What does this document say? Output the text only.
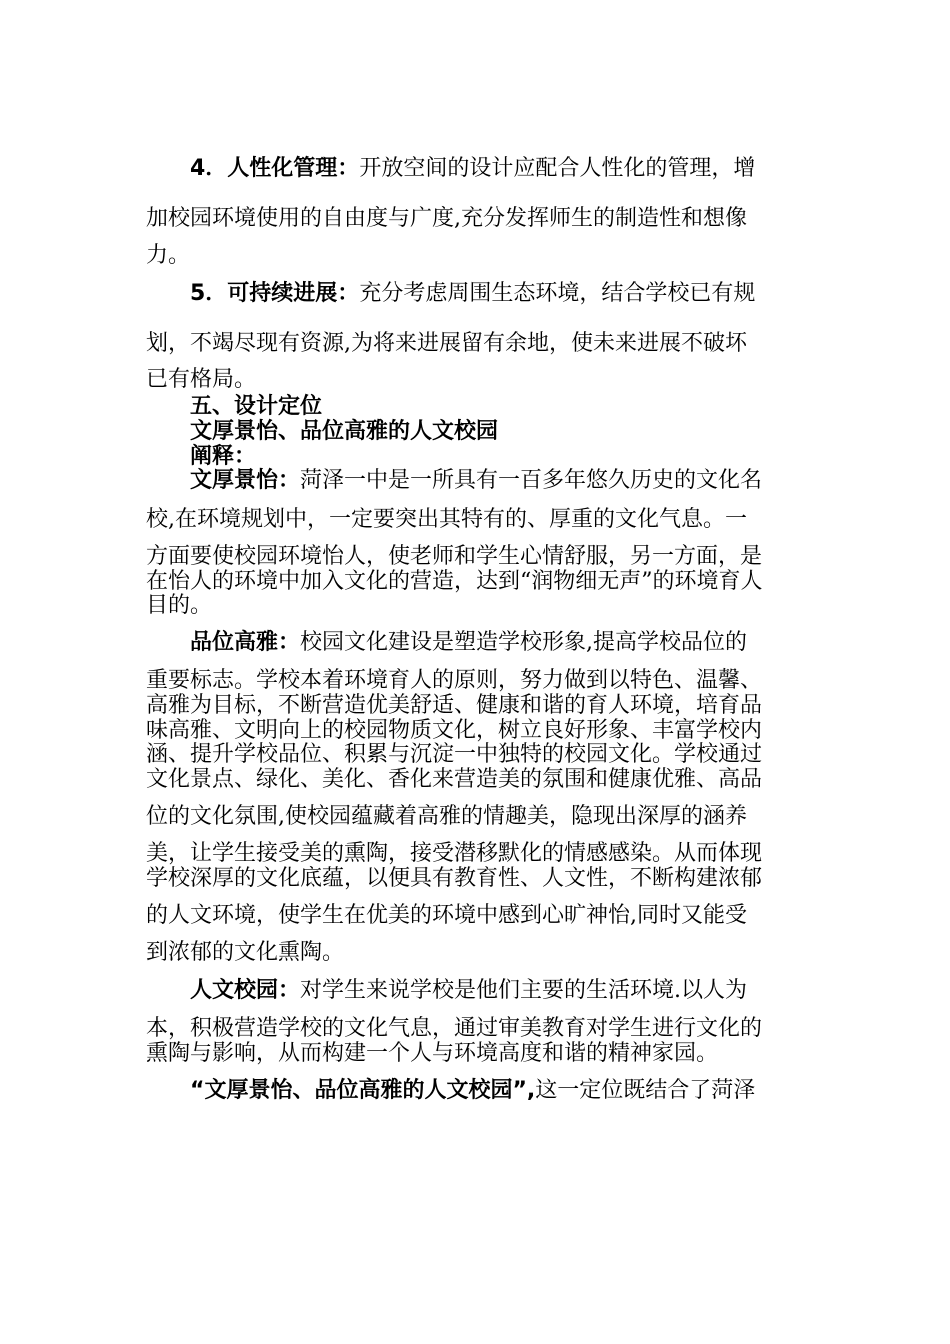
4．人性化管理：开放空间的设计应配合人性化的管理，增
加校园环境使用的自由度与广度,充分发挥师生的制造性和想像
力。
5．可持续进展：充分考虑周围生态环境，结合学校已有规
划，不竭尽现有资源,为将来进展留有余地，使未来进展不破坏
已有格局。
五、设计定位
文厚景怡、品位高雅的人文校园
阐释：
文厚景怡：菏泽一中是一所具有一百多年悠久历史的文化名
校,在环境规划中，一定要突出其特有的、厚重的文化气息。一
方面要使校园环境怡人，使老师和学生心情舒服，另一方面，是
在怡人的环境中加入文化的营造，达到“润物细无声”的环境育人
目的。
品位高雅：校园文化建设是塑造学校形象,提高学校品位的
重要标志。学校本着环境育人的原则，努力做到以特色、温馨、
高雅为目标，不断营造优美舒适、健康和谐的育人环境，培育品
味高雅、文明向上的校园物质文化，树立良好形象、丰富学校内
涵、提升学校品位、积累与沉淀一中独特的校园文化。学校通过
文化景点、绿化、美化、香化来营造美的氛围和健康优雅、高品
位的文化氛围,使校园蕴藏着高雅的情趣美，隐现出深厚的涵养
美，让学生接受美的熏陶，接受潜移默化的情感感染。从而体现
学校深厚的文化底蕴，以便具有教育性、人文性，不断构建浓郁
的人文环境，使学生在优美的环境中感到心旷神怡,同时又能受
到浓郁的文化熏陶。
人文校园：对学生来说学校是他们主要的生活环境.以人为
本，积极营造学校的文化气息，通过审美教育对学生进行文化的
熏陶与影响，从而构建一个人与环境高度和谐的精神家园。
“文厚景怡、品位高雅的人文校园”,这一定位既结合了菏泽
